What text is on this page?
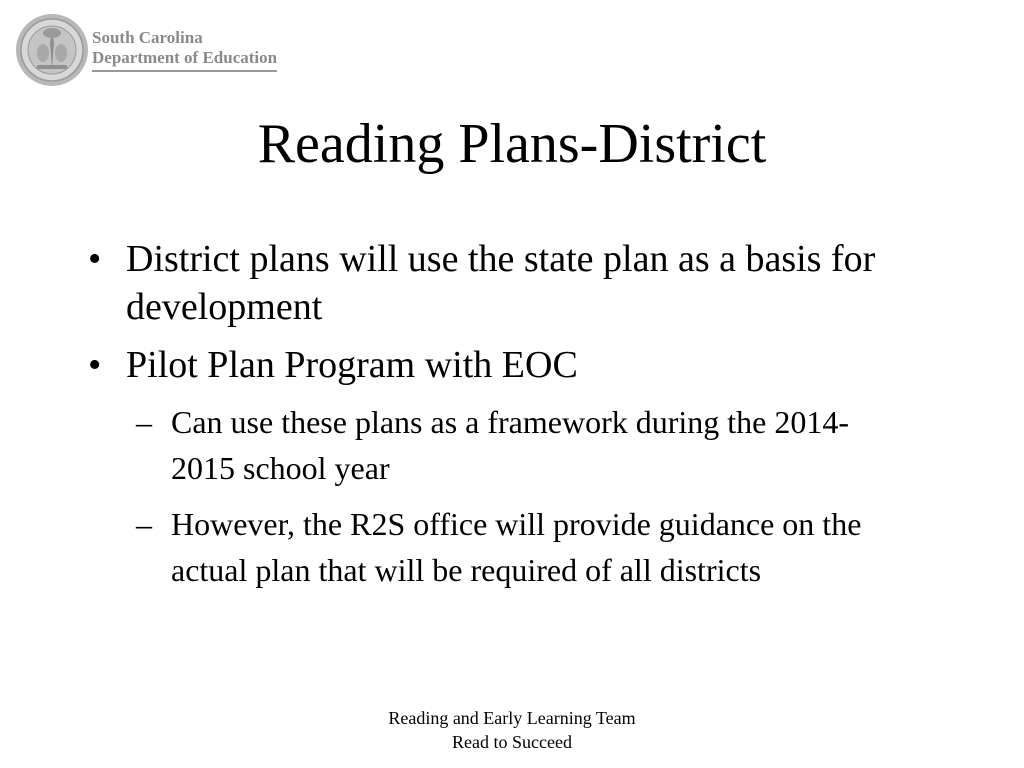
South Carolina
Department of Education
Reading Plans-District
• District plans will use the state plan as a basis for development
• Pilot Plan Program with EOC
– Can use these plans as a framework during the 2014-2015 school year
– However, the R2S office will provide guidance on the actual plan that will be required of all districts
Reading and Early Learning Team
Read to Succeed
